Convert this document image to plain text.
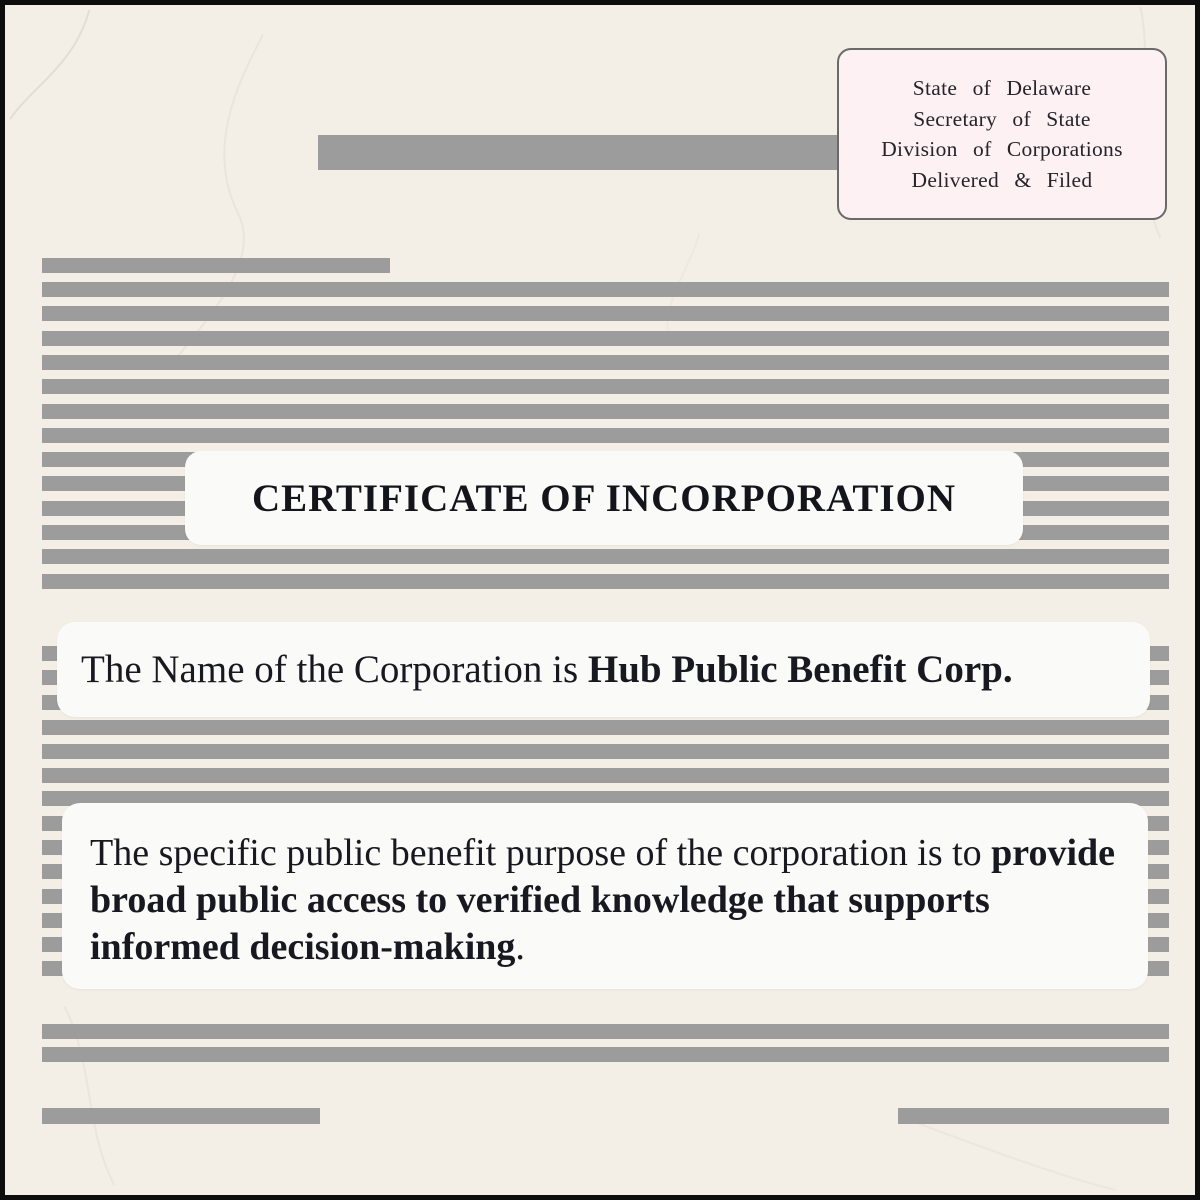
CERTIFICATE OF INCORPORATION
The Name of the Corporation is Hub Public Benefit Corp.
The specific public benefit purpose of the corporation is to provide broad public access to verified knowledge that supports informed decision-making.
State of Delaware
Secretary of State
Division of Corporations
Delivered & Filed
